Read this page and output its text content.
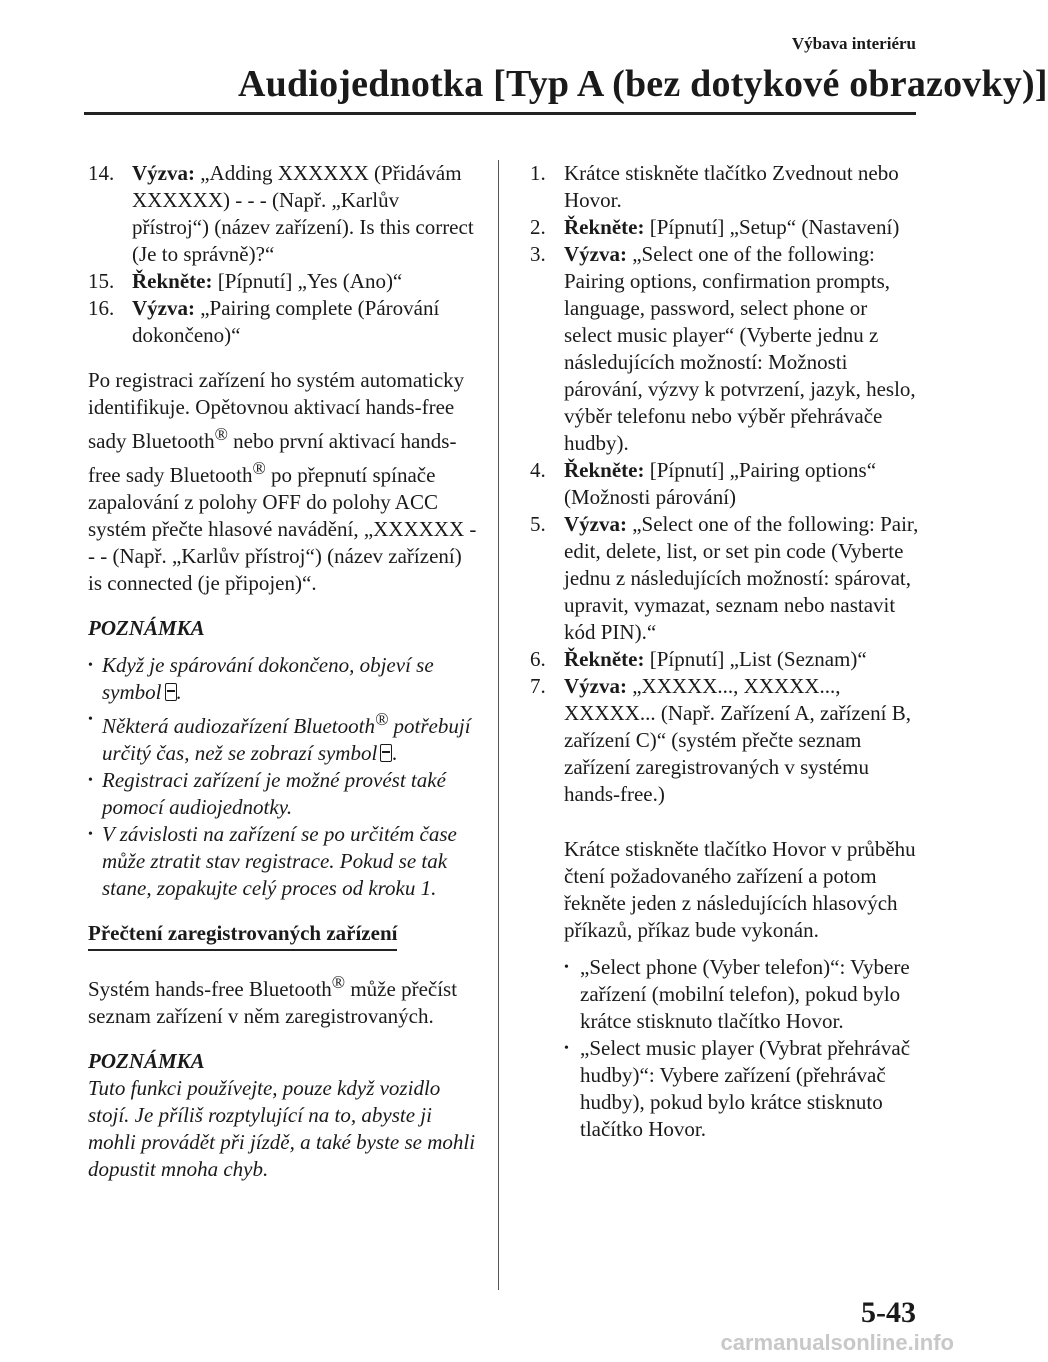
Výbava interiéru
Audiojednotka [Typ A (bez dotykové obrazovky)]
14. Výzva: „Adding XXXXXX (Přidávám XXXXXX) - - - (Např. „Karlův přístroj“) (název zařízení). Is this correct (Je to správně)?“
15. Řekněte: [Pípnutí] „Yes (Ano)“
16. Výzva: „Pairing complete (Párování dokončeno)“

Po registraci zařízení ho systém automaticky identifikuje. Opětovnou aktivací hands-free sady Bluetooth® nebo první aktivací hands-free sady Bluetooth® po přepnutí spínače zapalování z polohy OFF do polohy ACC systém přečte hlasové navádění, „XXXXXX - - - (Např. „Karlův přístroj“) (název zařízení) is connected (je připojen)“.

POZNÁMKA
• Když je spárování dokončeno, objeví se symbol .
• Některá audiozařízení Bluetooth® potřebují určitý čas, než se zobrazí symbol .
• Registraci zařízení je možné provést také pomocí audiojednotky.
• V závislosti na zařízení se po určitém čase může ztratit stav registrace. Pokud se tak stane, zopakujte celý proces od kroku 1.
Přečtení zaregistrovaných zařízení

Systém hands-free Bluetooth® může přečíst seznam zařízení v něm zaregistrovaných.

POZNÁMKA

Tuto funkci používejte, pouze když vozidlo stojí. Je příliš rozptylující na to, abyste ji mohli provádět při jízdě, a také byste se mohli dopustit mnoha chyb.

1. Krátce stiskněte tlačítko Zvednout nebo Hovor.
2. Řekněte: [Pípnutí] „Setup“ (Nastavení)
3. Výzva: „Select one of the following: Pairing options, confirmation prompts, language, password, select phone or select music player“ (Vyberte jednu z následujících možností: Možnosti párování, výzvy k potvrzení, jazyk, heslo, výběr telefonu nebo výběr přehrávače hudby).
4. Řekněte: [Pípnutí] „Pairing options“ (Možnosti párování)
5. Výzva: „Select one of the following: Pair, edit, delete, list, or set pin code (Vyberte jednu z následujících možností: spárovat, upravit, vymazat, seznam nebo nastavit kód PIN).“
6. Řekněte: [Pípnutí] „List (Seznam)“
7. Výzva: „XXXXX..., XXXXX..., XXXXX... (Např. Zařízení A, zařízení B, zařízení C)“ (systém přečte seznam zařízení zaregistrovaných v systému hands-free.)

Krátce stiskněte tlačítko Hovor v průběhu čtení požadovaného zařízení a potom řekněte jeden z následujících hlasových příkazů, příkaz bude vykonán.

• „Select phone (Vyber telefon)“: Vybere zařízení (mobilní telefon), pokud bylo krátce stisknuto tlačítko Hovor.
• „Select music player (Vybrat přehrávač hudby)“: Vybere zařízení (přehrávač hudby), pokud bylo krátce stisknuto tlačítko Hovor.
5-43
carmanualsonline.info
